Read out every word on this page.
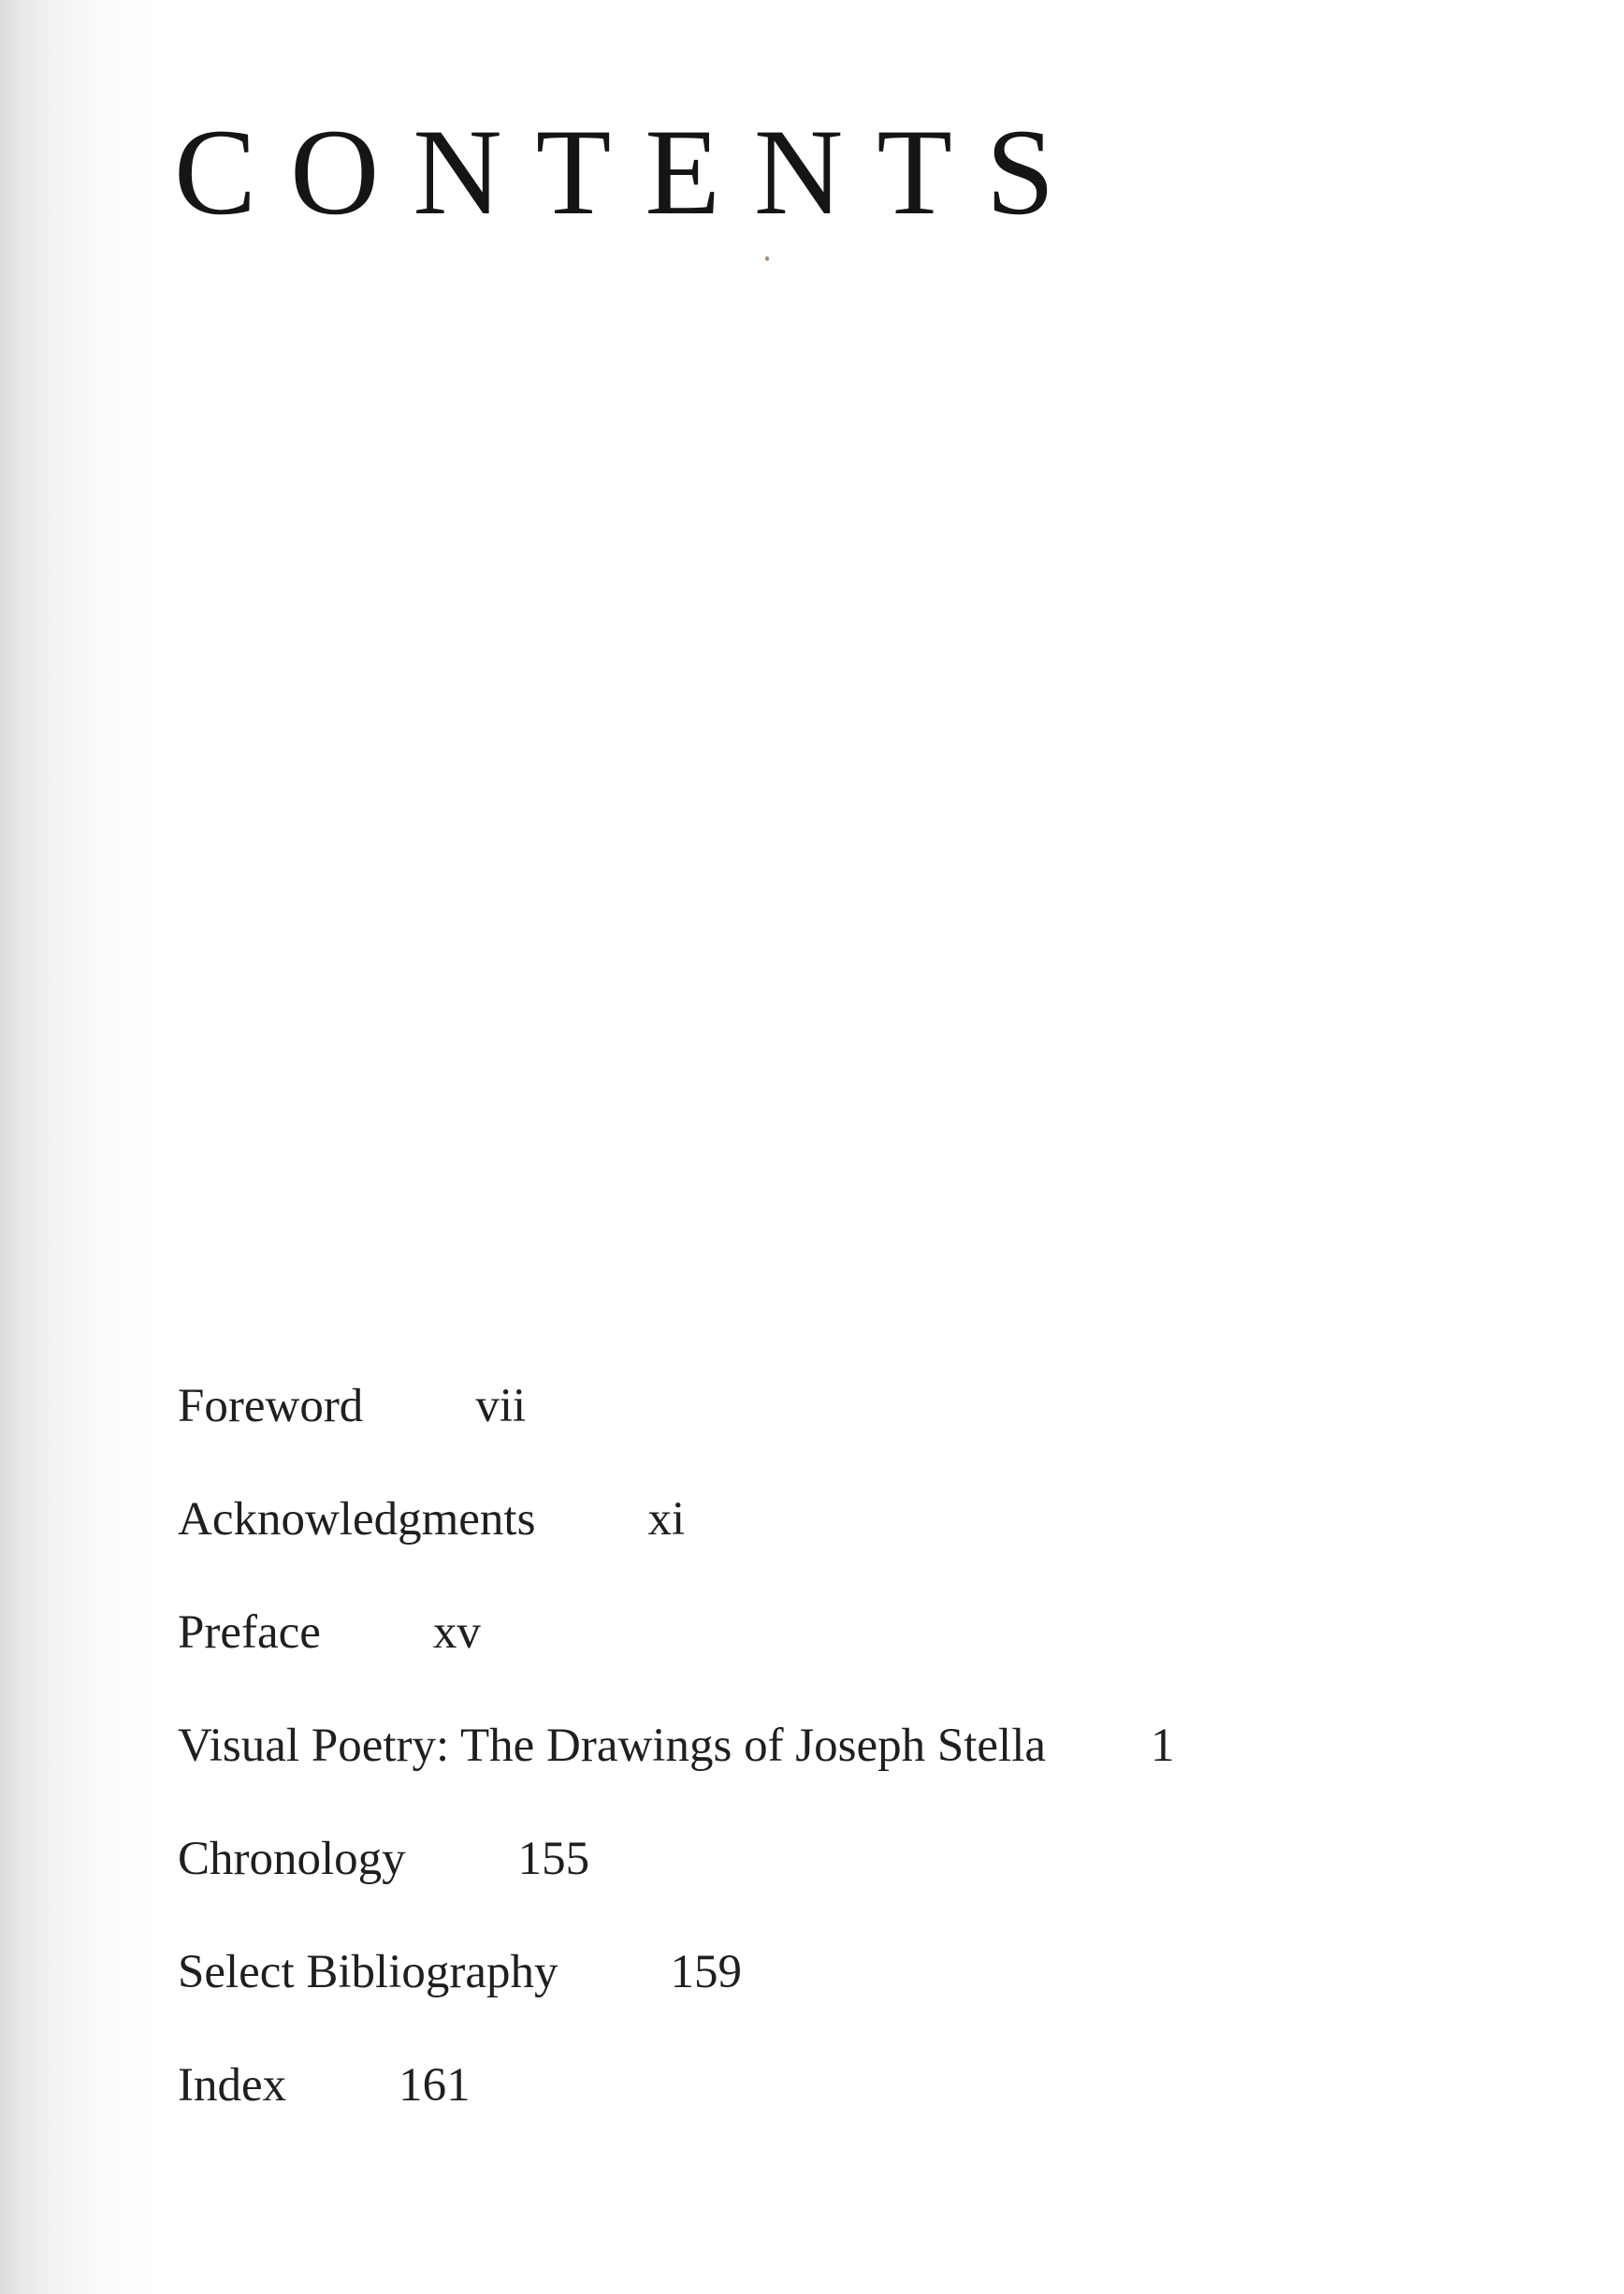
CONTENTS
Foreword vii
Acknowledgments xi
Preface xv
Visual Poetry: The Drawings of Joseph Stella 1
Chronology 155
Select Bibliography 159
Index 161
